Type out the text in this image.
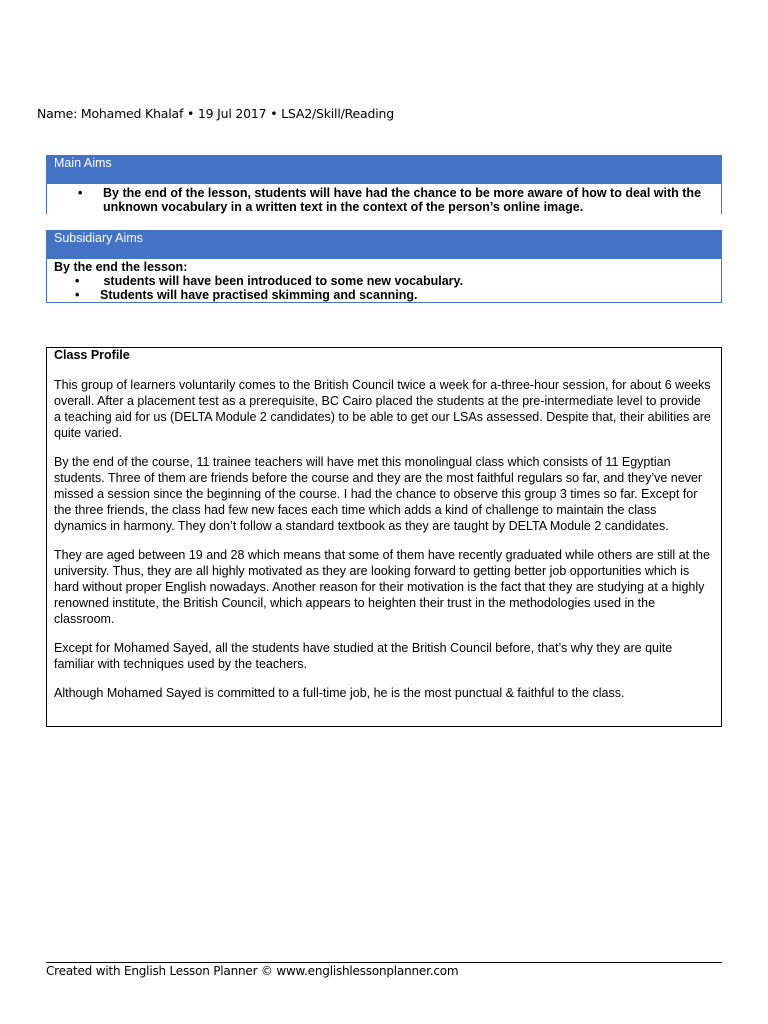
Name: Mohamed Khalaf • 19 Jul 2017 • LSA2/Skill/Reading
Main Aims
•	By the end of the lesson, students will have had the chance to be more aware of how to deal with the unknown vocabulary in a written text in the context of the person’s online image.
Subsidiary Aims
By the end the lesson:
•	students will have been introduced to some new vocabulary.
•	Students will have practised skimming and scanning.

Class Profile

This group of learners voluntarily comes to the British Council twice a week for a-three-hour session, for about 6 weeks overall. After a placement test as a prerequisite, BC Cairo placed the students at the pre-intermediate level to provide a teaching aid for us (DELTA Module 2 candidates) to be able to get our LSAs assessed. Despite that, their abilities are quite varied.

By the end of the course, 11 trainee teachers will have met this monolingual class which consists of 11 Egyptian students. Three of them are friends before the course and they are the most faithful regulars so far, and they’ve never missed a session since the beginning of the course. I had the chance to observe this group 3 times so far. Except for the three friends, the class had few new faces each time which adds a kind of challenge to maintain the class dynamics in harmony. They don’t follow a standard textbook as they are taught by DELTA Module 2 candidates.

They are aged between 19 and 28 which means that some of them have recently graduated while others are still at the university. Thus, they are all highly motivated as they are looking forward to getting better job opportunities which is hard without proper English nowadays. Another reason for their motivation is the fact that they are studying at a highly renowned institute, the British Council, which appears to heighten their trust in the methodologies used in the classroom.

Except for Mohamed Sayed, all the students have studied at the British Council before, that’s why they are quite familiar with techniques used by the teachers.

Although Mohamed Sayed is committed to a full-time job, he is the most punctual & faithful to the class.

Created with English Lesson Planner © www.englishlessonplanner.com
